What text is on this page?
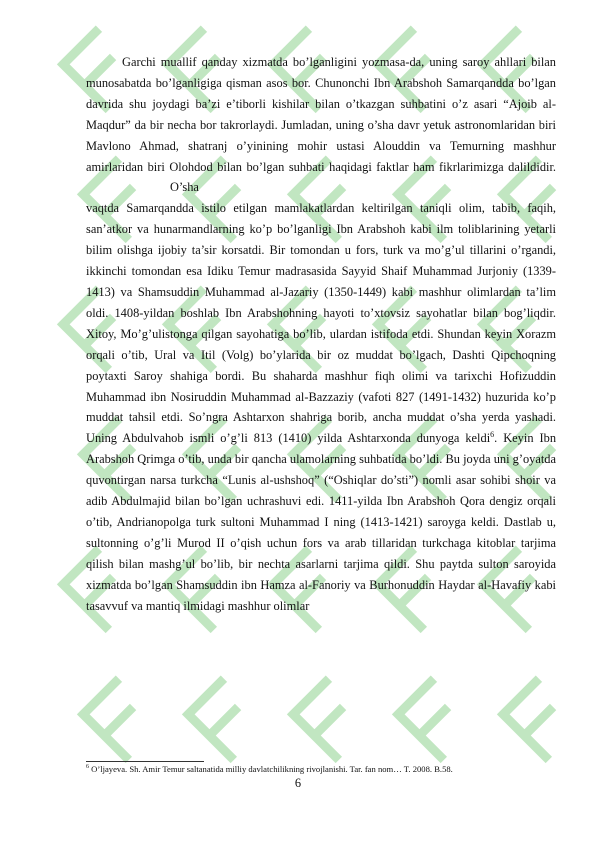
Garchi muallif qanday xizmatda bo’lganligini yozmasa-da, uning saroy ahllari bilan munosabatda bo’lganligiga qisman asos bor. Chunonchi Ibn Arabshoh Samarqandda bo’lgan davrida shu joydagi ba’zi e’tiborli kishilar bilan o’tkazgan suhbatini o’z asari “Ajoib al-Maqdur” da bir necha bor takrorlaydi. Jumladan, uning o’sha davr yetuk astronomlaridan biri Mavlono Ahmad, shatranj o’yinining mohir ustasi Alouddin va Temurning mashhur amirlaridan biri Olohdod bilan bo’lgan suhbati haqidagi faktlar ham fikrlarimizga dalildidir.O’sha

vaqtda Samarqandda istilo etilgan mamlakatlardan keltirilgan taniqli olim, tabib, faqih, san’atkor va hunarmandlarning ko’p bo’lganligi Ibn Arabshoh kabi ilm toliblarining yetarli bilim olishga ijobiy ta’sir korsatdi. Bir tomondan u fors, turk va mo’g’ul tillarini o’rgandi, ikkinchi tomondan esa Idiku Temur madrasasida Sayyid Shaif Muhammad Jurjoniy (1339-1413) va Shamsuddin Muhammad al-Jazariy (1350-1449) kabi mashhur olimlardan ta’lim oldi. 1408-yildan boshlab Ibn Arabshohning hayoti to’xtovsiz sayohatlar bilan bog’liqdir. Xitoy, Mo’g’ulistonga qilgan sayohatiga bo’lib, ulardan istifoda etdi. Shundan keyin Xorazm orqali o’tib, Ural va Itil (Volg) bo’ylarida bir oz muddat bo’lgach, Dashti Qipchoqning poytaxti Saroy shahiga bordi. Bu shaharda mashhur fiqh olimi va tarixchi Hofizuddin Muhammad ibn Nosiruddin Muhammad al-Bazzaziy (vafoti 827 (1491-1432) huzurida ko’p muddat tahsil etdi. So’ngra Ashtarxon shahriga borib, ancha muddat o’sha yerda yashadi. Uning Abdulvahob ismli o’g’li 813 (1410) yilda Ashtarxonda dunyoga keldi$^6$. Keyin Ibn Arabshoh Qrimga o’tib, unda bir qancha ulamolarning suhbatida bo’ldi. Bu joyda uni g’oyatda quvontirgan narsa turkcha “Lunis al-ushshoq” (“Oshiqlar do’sti”) nomli asar sohibi shoir va adib Abdulmajid bilan bo’lgan uchrashuvi edi. 1411-yilda Ibn Arabshoh Qora dengiz orqali o’tib, Andrianopolga turk sultoni Muhammad I ning (1413-1421) saroyga keldi. Dastlab u, sultonning o’g’li Murod II o’qish uchun fors va arab tillaridan turkchaga kitoblar tarjima qilish bilan mashg’ul bo’lib, bir nechta asarlarni tarjima qildi. Shu paytda sulton saroyida xizmatda bo’lgan Shamsuddin ibn Hamza al-Fanoriy va Burhonuddin Haydar al-Havafiy kabi tasavvuf va mantiq ilmidagi mashhur olimlar

$^6$ O’ljayeva. Sh. Amir Temur saltanatida milliy davlatchilikning rivojlanishi. Tar. fan nom… T. 2008. B.58.
6
